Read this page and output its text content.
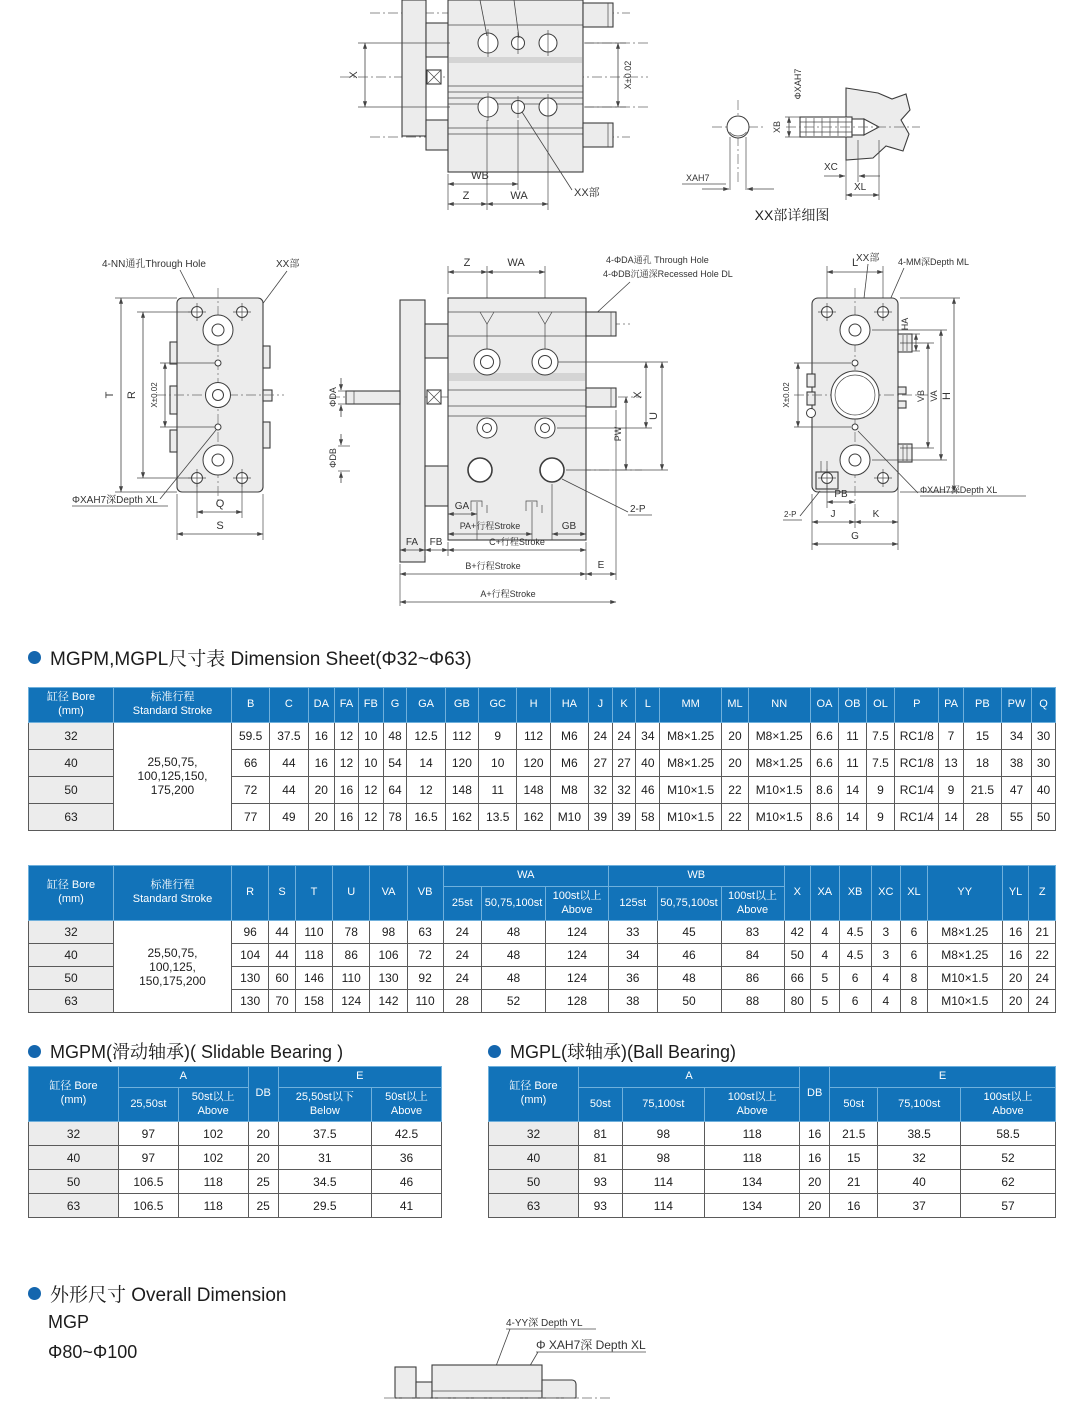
X	X±0.02
WB
Z	WA	XX部
XAH7
ΦXAH7
XB
XC
XL
XX部详细图
4-NN通孔Through Hole	XX部
T R X±0.02
Q
S
ΦXAH7深Depth XL
Z	WA	4-ΦDA通孔 Through Hole
4-ΦDB沉通深Recessed Hole DL
ΦDA
ΦDB
PW
X
U
GA
PA+行程Stroke	GB
FA FB	C+行程Stroke
B+行程Stroke	E
A+行程Stroke
2-P
XX部 4-MM深Depth ML
L
HA
VB VA H
X±0.02
PB
J	K
G
ΦXAH7深Depth XL
2-P
MGPM,MGPL尺寸表 Dimension Sheet(Φ32~Φ63)
缸径 Bore
(mm)	标准行程
Standard Stroke	B	C	DA	FA	FB	G	GA	GB	GC	H	HA	J	K	L	MM	ML	NN	OA	OB	OL	P	PA	PB	PW	Q
32	25,50,75,
100,125,150,
175,200	59.5	37.5	16	12	10	48	12.5	112	9	112	M6	24	24	34	M8×1.25	20	M8×1.25	6.6	11	7.5	RC1/8	7	15	34	30
40		66	44	16	12	10	54	14	120	10	120	M6	27	27	40	M8×1.25	20	M8×1.25	6.6	11	7.5	RC1/8	13	18	38	30
50		72	44	20	16	12	64	12	148	11	148	M8	32	32	46	M10×1.5	22	M10×1.5	8.6	14	9	RC1/4	9	21.5	47	40
63		77	49	20	16	12	78	16.5	162	13.5	162	M10	39	39	58	M10×1.5	22	M10×1.5	8.6	14	9	RC1/4	14	28	55	50
缸径 Bore
(mm)	标准行程
Standard Stroke	R	S	T	U	VA	VB	WA			WB			X	XA	XB	XC	XL	YY	YL	Z
								25st	50,75,100st	100st以上
Above	125st	50,75,100st	100st以上
Above								
32	25,50,75,
100,125,
150,175,200	96	44	110	78	98	63	24	48	124	33	45	83	42	4	4.5	3	6	M8×1.25	16	21
40		104	44	118	86	106	72	24	48	124	34	46	84	50	4	4.5	3	6	M8×1.25	16	22
50		130	60	146	110	130	92	24	48	124	36	48	86	66	5	6	4	8	M10×1.5	20	24
63		130	70	158	124	142	110	28	52	128	38	50	88	80	5	6	4	8	M10×1.5	20	24
MGPM(滑动轴承)( Slidable Bearing )	MGPL(球轴承)(Ball Bearing)
缸径 Bore
(mm)	A		DB	E	
	25,50st	50st以上
Above		25,50st以下
Below	50st以上
Above
32	97	102	20	37.5	42.5
40	97	102	20	31	36
50	106.5	118	25	34.5	46
63	106.5	118	25	29.5	41
缸径 Bore
(mm)	A			DB	E		
	50st	75,100st	100st以上
Above		50st	75,100st	100st以上
Above
32	81	98	118	16	21.5	38.5	58.5
40	81	98	118	16	15	32	52
50	93	114	134	20	21	40	62
63	93	114	134	20	16	37	57
外形尺寸 Overall Dimension
MGP
Φ80~Φ100
4-YY深 Depth YL
Φ XAH7深 Depth XL
